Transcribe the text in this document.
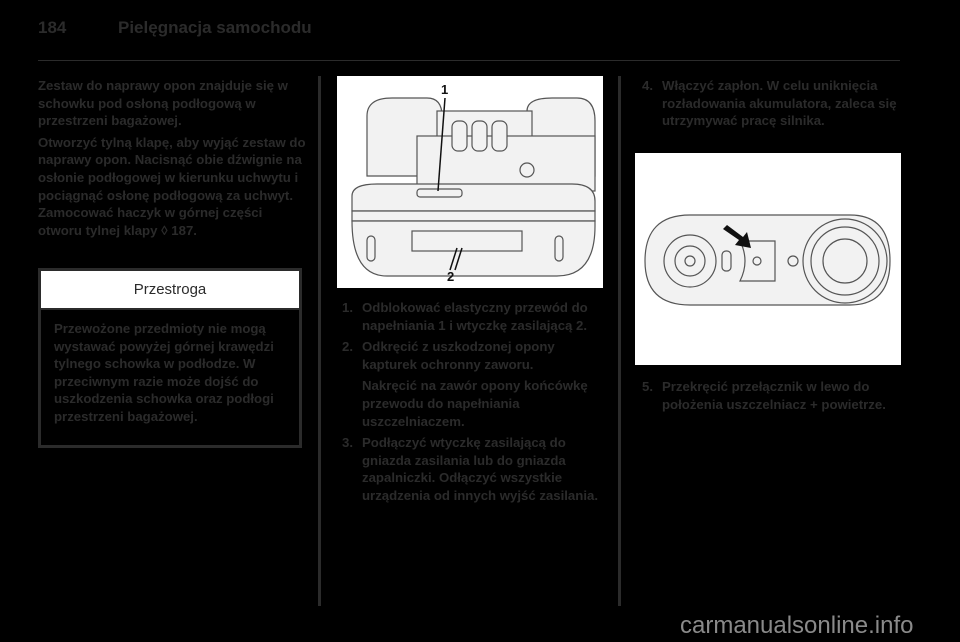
184	Pielęgnacja samochodu

Zestaw do naprawy opon znajduje się w schowku pod osłoną podłogową w przestrzeni bagażowej.

Otworzyć tylną klapę, aby wyjąć zestaw do naprawy opon. Nacisnąć obie dźwignie na osłonie podłogowej w kierunku uchwytu i pociągnąć osłonę podłogową za uchwyt. Zamocować haczyk w górnej części otworu tylnej klapy ◊ 187.

Przestroga
Przewożone przedmioty nie mogą wystawać powyżej górnej krawędzi tylnego schowka w podłodze. W przeciwnym razie może dojść do uszkodzenia schowka oraz podłogi przestrzeni bagażowej.
1
2
1. Odblokować elastyczny przewód do napełniania 1 i wtyczkę zasilającą 2.
2. Odkręcić z uszkodzonej opony kapturek ochronny zaworu.
Nakręcić na zawór opony końcówkę przewodu do napełniania uszczelniaczem.
3. Podłączyć wtyczkę zasilającą do gniazda zasilania lub do gniazda zapalniczki. Odłączyć wszystkie urządzenia od innych wyjść zasilania.
4. Włączyć zapłon. W celu uniknięcia rozładowania akumulatora, zaleca się utrzymywać pracę silnika.
5. Przekręcić przełącznik w lewo do położenia uszczelniacz + powietrze.
carmanualsonline.info
